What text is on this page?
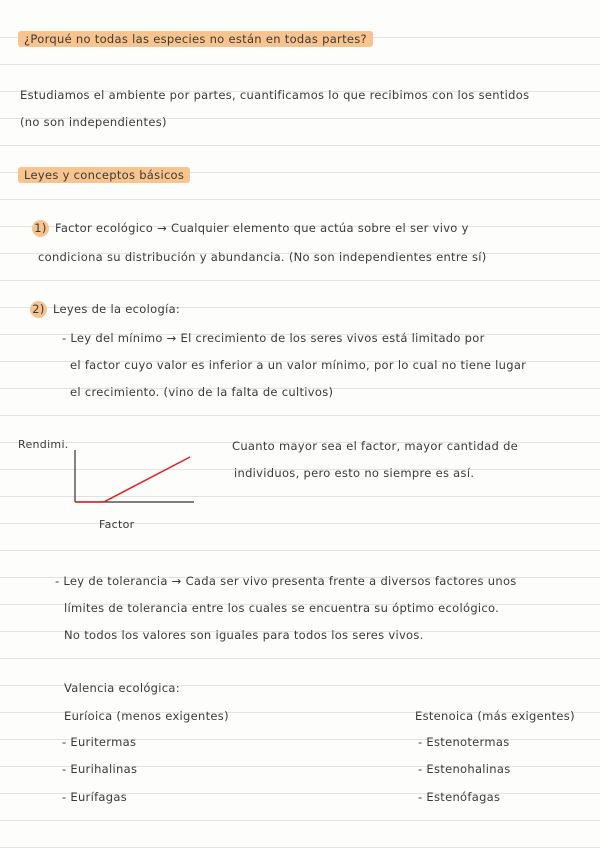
¿Porqué no todas las especies no están en todas partes?
Estudiamos el ambiente por partes, cuantificamos lo que recibimos con los sentidos
(no son independientes)
Leyes y conceptos básicos
1) Factor ecológico → Cualquier elemento que actúa sobre el ser vivo y
condiciona su distribución y abundancia. (No son independientes entre sí)
2) Leyes de la ecología:
- Ley del mínimo → El crecimiento de los seres vivos está limitado por
el factor cuyo valor es inferior a un valor mínimo, por lo cual no tiene lugar
el crecimiento. (vino de la falta de cultivos)
Rendimi.
Factor
Cuanto mayor sea el factor, mayor cantidad de
individuos, pero esto no siempre es así.
- Ley de tolerancia → Cada ser vivo presenta frente a diversos factores unos
límites de tolerancia entre los cuales se encuentra su óptimo ecológico.
No todos los valores son iguales para todos los seres vivos.
Valencia ecológica:
Euríoica (menos exigentes)	Estenoica (más exigentes)
- Euritermas
- Eurihalinas
- Eurífagas
- Estenotermas
- Estenohalinas
- Estenófagas
